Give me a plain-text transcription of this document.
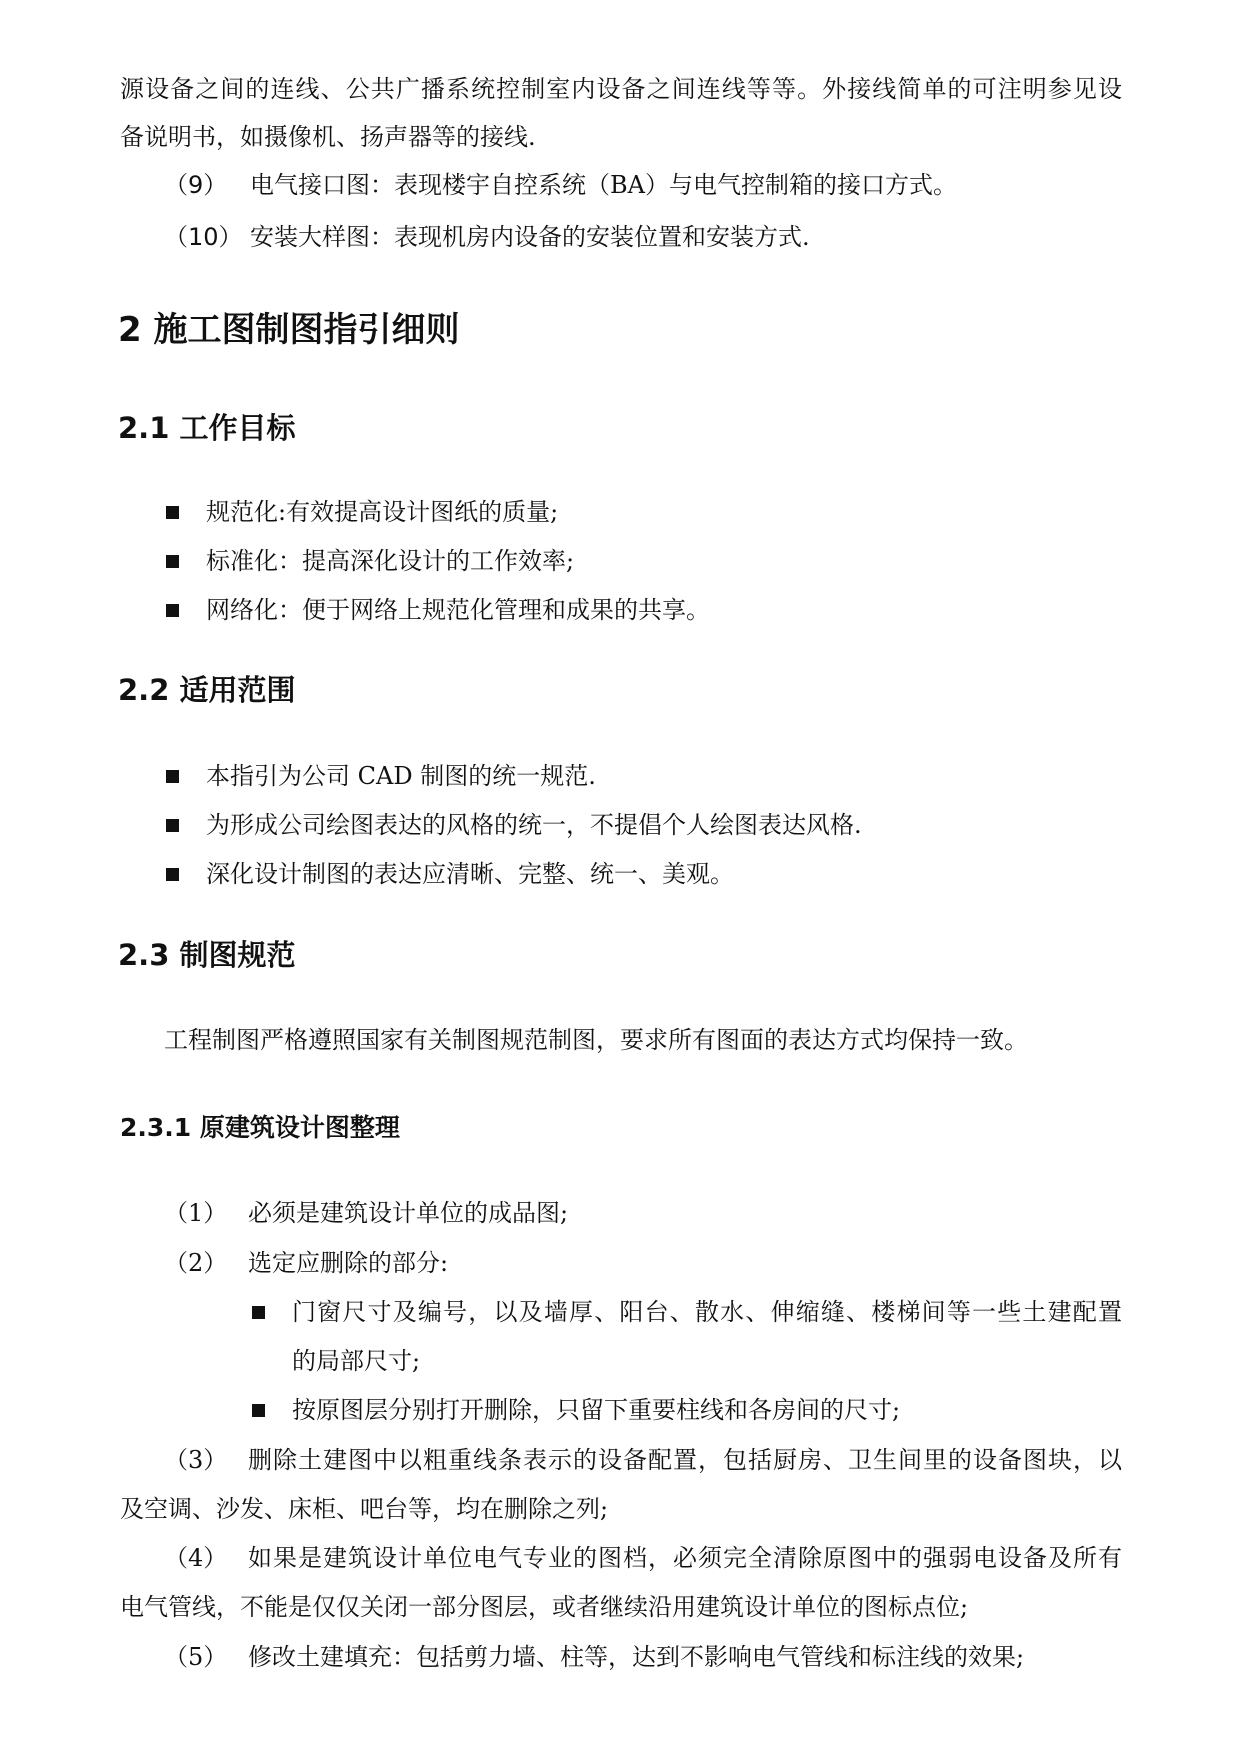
源设备之间的连线、公共广播系统控制室内设备之间连线等等。外接线简单的可注明参见设
备说明书，如摄像机、扬声器等的接线.
（9） 电气接口图：表现楼宇自控系统（BA）与电气控制箱的接口方式。
（10） 安装大样图：表现机房内设备的安装位置和安装方式.
2 施工图制图指引细则
2.1 工作目标
规范化:有效提高设计图纸的质量;
标准化：提高深化设计的工作效率;
网络化：便于网络上规范化管理和成果的共享。
2.2 适用范围
本指引为公司 CAD 制图的统一规范.
为形成公司绘图表达的风格的统一，不提倡个人绘图表达风格.
深化设计制图的表达应清晰、完整、统一、美观。
2.3 制图规范
工程制图严格遵照国家有关制图规范制图，要求所有图面的表达方式均保持一致。
2.3.1 原建筑设计图整理
（1） 必须是建筑设计单位的成品图;
（2） 选定应删除的部分:
门窗尺寸及编号，以及墙厚、阳台、散水、伸缩缝、楼梯间等一些土建配置
的局部尺寸;
按原图层分别打开删除，只留下重要柱线和各房间的尺寸;
（3） 删除土建图中以粗重线条表示的设备配置，包括厨房、卫生间里的设备图块，以
及空调、沙发、床柜、吧台等，均在删除之列;
（4） 如果是建筑设计单位电气专业的图档，必须完全清除原图中的强弱电设备及所有
电气管线，不能是仅仅关闭一部分图层，或者继续沿用建筑设计单位的图标点位;
（5） 修改土建填充：包括剪力墙、柱等，达到不影响电气管线和标注线的效果;
